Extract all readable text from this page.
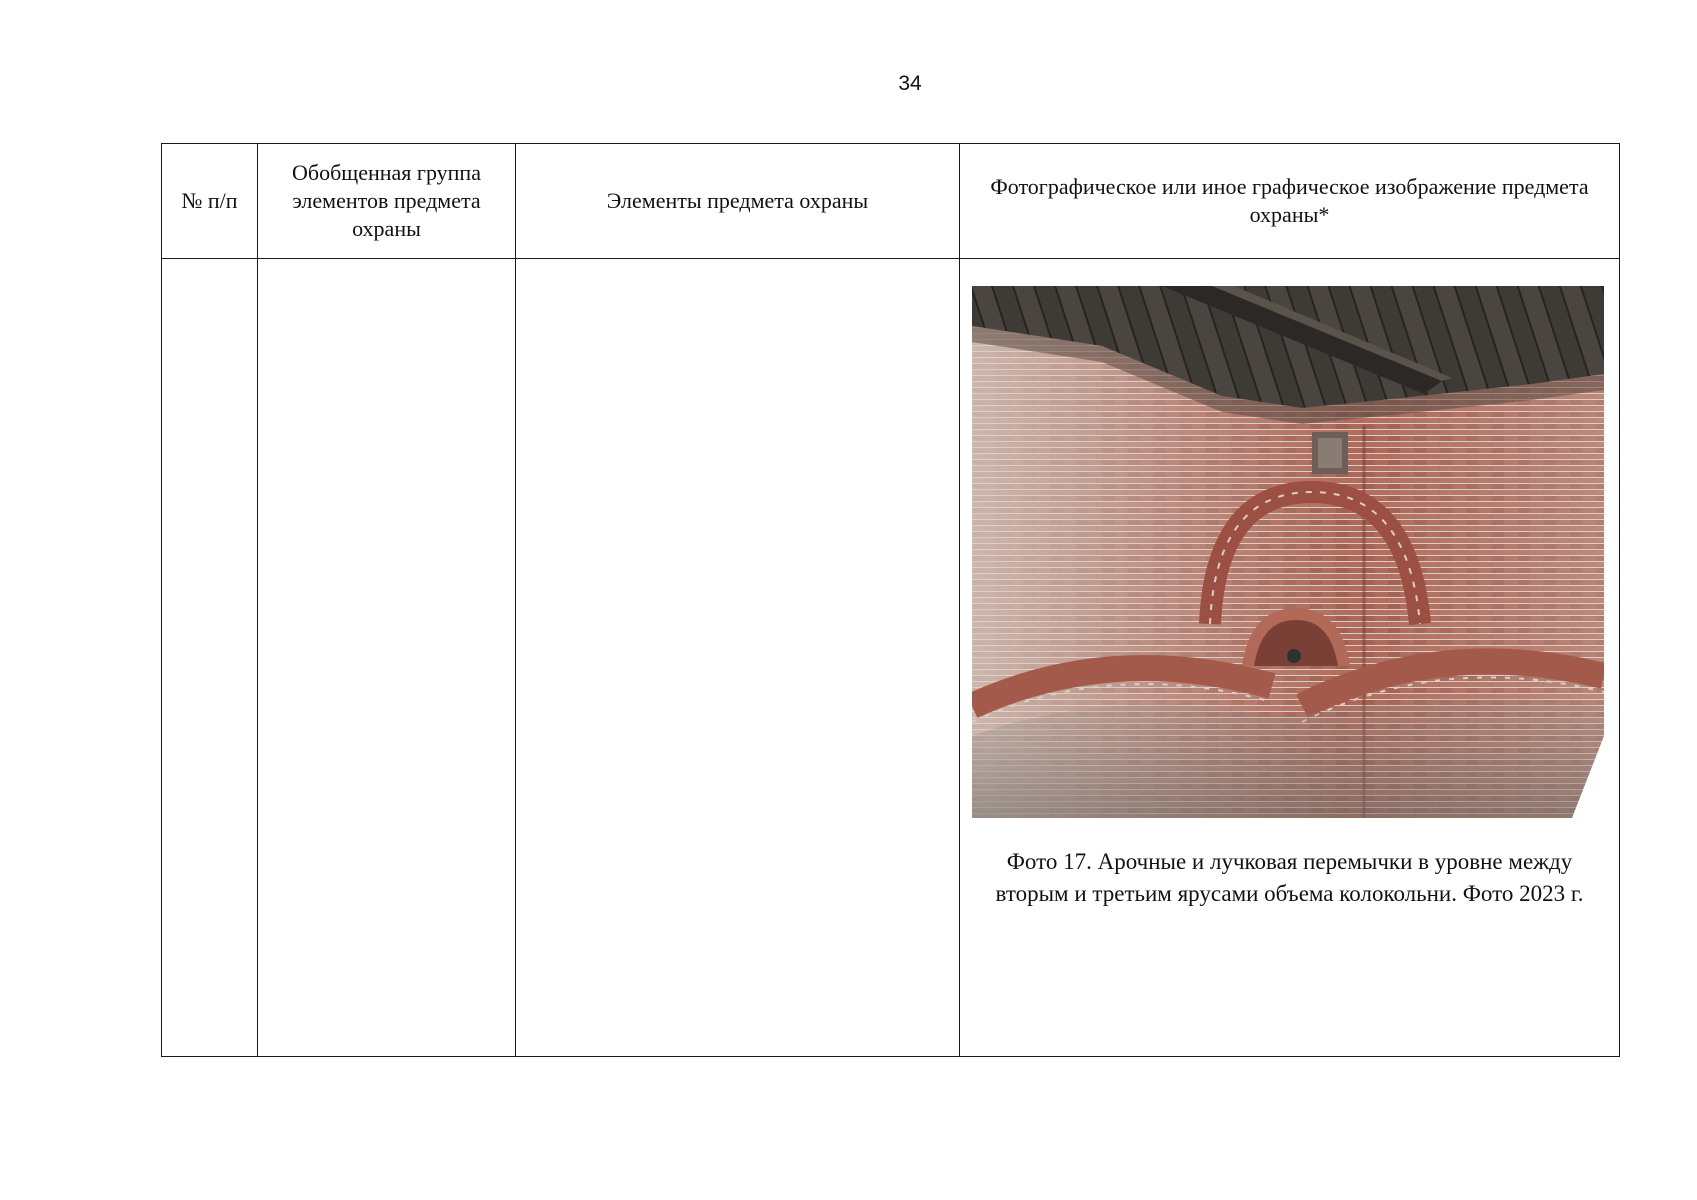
34
№ п/п	Обобщенная группа элементов предмета охраны	Элементы предмета охраны	Фотографическое или иное графическое изображение предмета охраны*

			Фото 17. Арочные и лучковая перемычки в уровне между вторым и третьим ярусами объема колокольни. Фото 2023 г.
